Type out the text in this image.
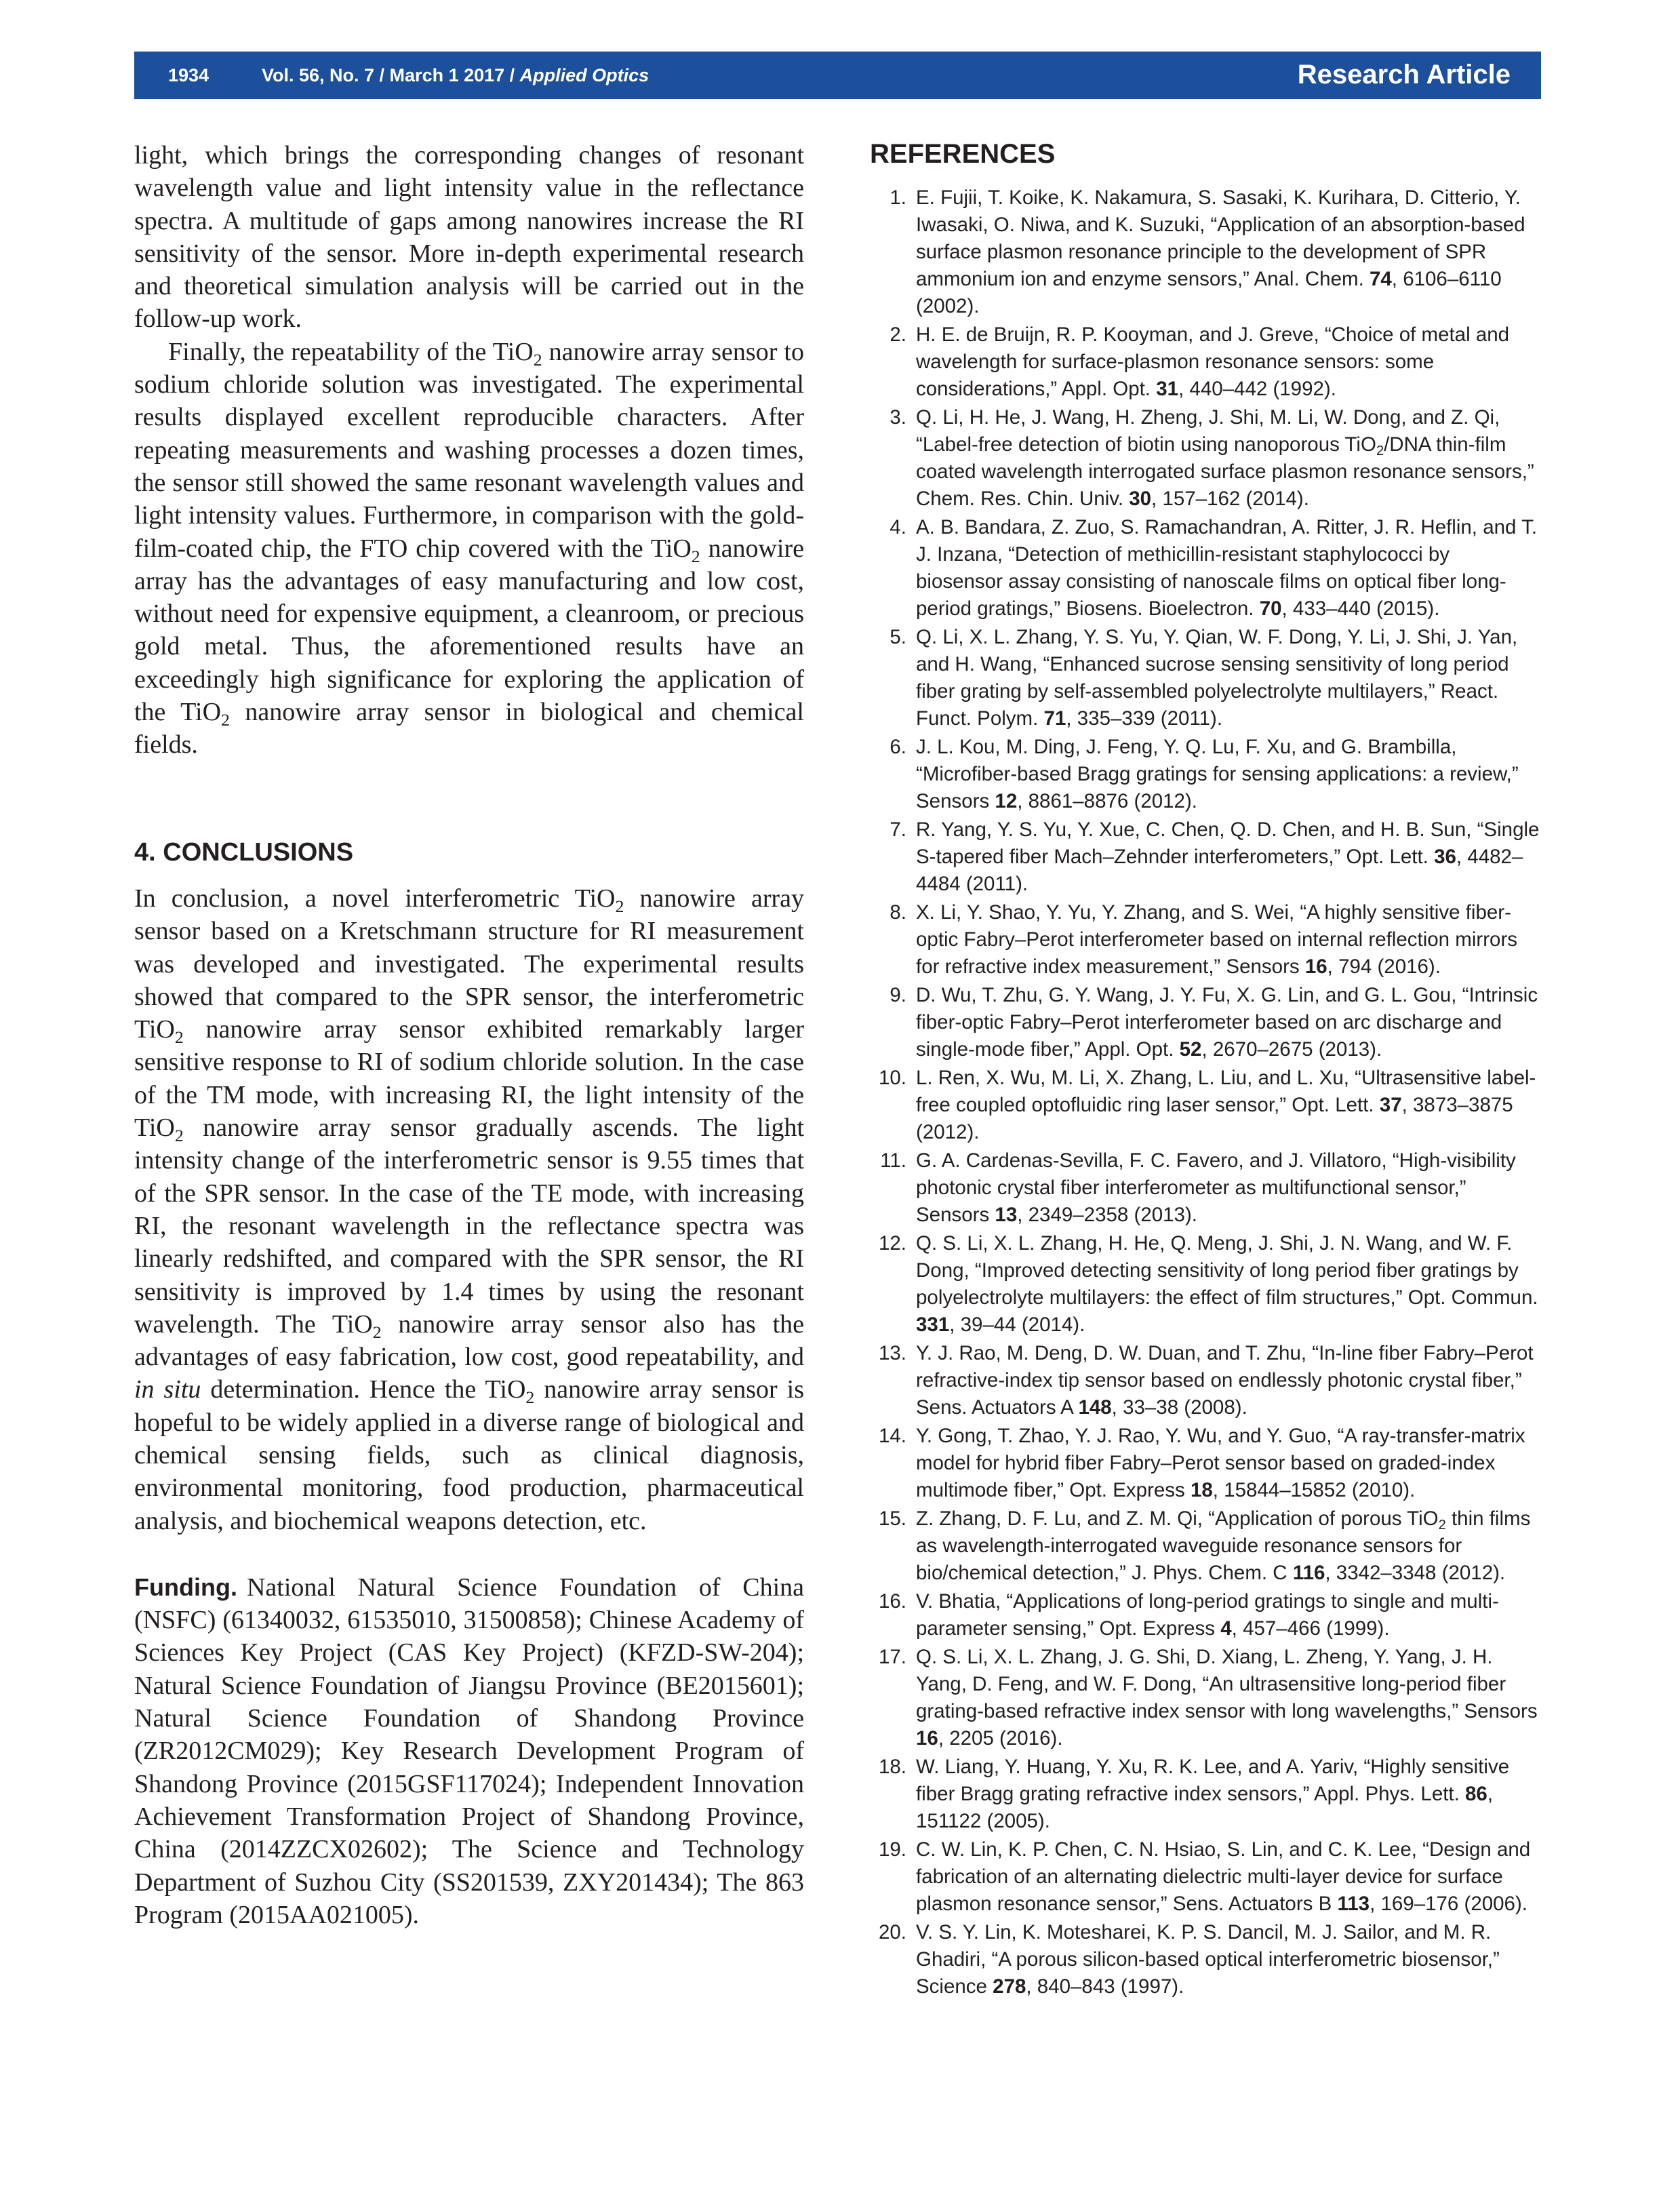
1934	Vol. 56, No. 7 / March 1 2017 / Applied Optics	Research Article

light, which brings the corresponding changes of resonant wavelength value and light intensity value in the reflectance spectra. A multitude of gaps among nanowires increase the RI sensitivity of the sensor. More in-depth experimental research and theoretical simulation analysis will be carried out in the follow-up work.

Finally, the repeatability of the TiO$_2$ nanowire array sensor to sodium chloride solution was investigated. The experimental results displayed excellent reproducible characters. After repeating measurements and washing processes a dozen times, the sensor still showed the same resonant wavelength values and light intensity values. Furthermore, in comparison with the gold-film-coated chip, the FTO chip covered with the TiO$_2$ nanowire array has the advantages of easy manufacturing and low cost, without need for expensive equipment, a cleanroom, or precious gold metal. Thus, the aforementioned results have an exceedingly high significance for exploring the application of the TiO$_2$ nanowire array sensor in biological and chemical fields.

4. CONCLUSIONS

In conclusion, a novel interferometric TiO$_2$ nanowire array sensor based on a Kretschmann structure for RI measurement was developed and investigated. The experimental results showed that compared to the SPR sensor, the interferometric TiO$_2$ nanowire array sensor exhibited remarkably larger sensitive response to RI of sodium chloride solution. In the case of the TM mode, with increasing RI, the light intensity of the TiO$_2$ nanowire array sensor gradually ascends. The light intensity change of the interferometric sensor is 9.55 times that of the SPR sensor. In the case of the TE mode, with increasing RI, the resonant wavelength in the reflectance spectra was linearly redshifted, and compared with the SPR sensor, the RI sensitivity is improved by 1.4 times by using the resonant wavelength. The TiO$_2$ nanowire array sensor also has the advantages of easy fabrication, low cost, good repeatability, and in situ determination. Hence the TiO$_2$ nanowire array sensor is hopeful to be widely applied in a diverse range of biological and chemical sensing fields, such as clinical diagnosis, environmental monitoring, food production, pharmaceutical analysis, and biochemical weapons detection, etc.

Funding. National Natural Science Foundation of China (NSFC) (61340032, 61535010, 31500858); Chinese Academy of Sciences Key Project (CAS Key Project) (KFZD-SW-204); Natural Science Foundation of Jiangsu Province (BE2015601); Natural Science Foundation of Shandong Province (ZR2012CM029); Key Research Development Program of Shandong Province (2015GSF117024); Independent Innovation Achievement Transformation Project of Shandong Province, China (2014ZZCX02602); The Science and Technology Department of Suzhou City (SS201539, ZXY201434); The 863 Program (2015AA021005).

REFERENCES
1. E. Fujii, T. Koike, K. Nakamura, S. Sasaki, K. Kurihara, D. Citterio, Y. Iwasaki, O. Niwa, and K. Suzuki, “Application of an absorption-based surface plasmon resonance principle to the development of SPR ammonium ion and enzyme sensors,” Anal. Chem. 74, 6106–6110 (2002).
2. H. E. de Bruijn, R. P. Kooyman, and J. Greve, “Choice of metal and wavelength for surface-plasmon resonance sensors: some considerations,” Appl. Opt. 31, 440–442 (1992).
3. Q. Li, H. He, J. Wang, H. Zheng, J. Shi, M. Li, W. Dong, and Z. Qi, “Label-free detection of biotin using nanoporous TiO$_2$/DNA thin-film coated wavelength interrogated surface plasmon resonance sensors,” Chem. Res. Chin. Univ. 30, 157–162 (2014).
4. A. B. Bandara, Z. Zuo, S. Ramachandran, A. Ritter, J. R. Heflin, and T. J. Inzana, “Detection of methicillin-resistant staphylococci by biosensor assay consisting of nanoscale films on optical fiber long-period gratings,” Biosens. Bioelectron. 70, 433–440 (2015).
5. Q. Li, X. L. Zhang, Y. S. Yu, Y. Qian, W. F. Dong, Y. Li, J. Shi, J. Yan, and H. Wang, “Enhanced sucrose sensing sensitivity of long period fiber grating by self-assembled polyelectrolyte multilayers,” React. Funct. Polym. 71, 335–339 (2011).
6. J. L. Kou, M. Ding, J. Feng, Y. Q. Lu, F. Xu, and G. Brambilla, “Microfiber-based Bragg gratings for sensing applications: a review,” Sensors 12, 8861–8876 (2012).
7. R. Yang, Y. S. Yu, Y. Xue, C. Chen, Q. D. Chen, and H. B. Sun, “Single S-tapered fiber Mach–Zehnder interferometers,” Opt. Lett. 36, 4482–4484 (2011).
8. X. Li, Y. Shao, Y. Yu, Y. Zhang, and S. Wei, “A highly sensitive fiber-optic Fabry–Perot interferometer based on internal reflection mirrors for refractive index measurement,” Sensors 16, 794 (2016).
9. D. Wu, T. Zhu, G. Y. Wang, J. Y. Fu, X. G. Lin, and G. L. Gou, “Intrinsic fiber-optic Fabry–Perot interferometer based on arc discharge and single-mode fiber,” Appl. Opt. 52, 2670–2675 (2013).
10. L. Ren, X. Wu, M. Li, X. Zhang, L. Liu, and L. Xu, “Ultrasensitive label-free coupled optofluidic ring laser sensor,” Opt. Lett. 37, 3873–3875 (2012).
11. G. A. Cardenas-Sevilla, F. C. Favero, and J. Villatoro, “High-visibility photonic crystal fiber interferometer as multifunctional sensor,” Sensors 13, 2349–2358 (2013).
12. Q. S. Li, X. L. Zhang, H. He, Q. Meng, J. Shi, J. N. Wang, and W. F. Dong, “Improved detecting sensitivity of long period fiber gratings by polyelectrolyte multilayers: the effect of film structures,” Opt. Commun. 331, 39–44 (2014).
13. Y. J. Rao, M. Deng, D. W. Duan, and T. Zhu, “In-line fiber Fabry–Perot refractive-index tip sensor based on endlessly photonic crystal fiber,” Sens. Actuators A 148, 33–38 (2008).
14. Y. Gong, T. Zhao, Y. J. Rao, Y. Wu, and Y. Guo, “A ray-transfer-matrix model for hybrid fiber Fabry–Perot sensor based on graded-index multimode fiber,” Opt. Express 18, 15844–15852 (2010).
15. Z. Zhang, D. F. Lu, and Z. M. Qi, “Application of porous TiO$_2$ thin films as wavelength-interrogated waveguide resonance sensors for bio/chemical detection,” J. Phys. Chem. C 116, 3342–3348 (2012).
16. V. Bhatia, “Applications of long-period gratings to single and multi-parameter sensing,” Opt. Express 4, 457–466 (1999).
17. Q. S. Li, X. L. Zhang, J. G. Shi, D. Xiang, L. Zheng, Y. Yang, J. H. Yang, D. Feng, and W. F. Dong, “An ultrasensitive long-period fiber grating-based refractive index sensor with long wavelengths,” Sensors 16, 2205 (2016).
18. W. Liang, Y. Huang, Y. Xu, R. K. Lee, and A. Yariv, “Highly sensitive fiber Bragg grating refractive index sensors,” Appl. Phys. Lett. 86, 151122 (2005).
19. C. W. Lin, K. P. Chen, C. N. Hsiao, S. Lin, and C. K. Lee, “Design and fabrication of an alternating dielectric multi-layer device for surface plasmon resonance sensor,” Sens. Actuators B 113, 169–176 (2006).
20. V. S. Y. Lin, K. Motesharei, K. P. S. Dancil, M. J. Sailor, and M. R. Ghadiri, “A porous silicon-based optical interferometric biosensor,” Science 278, 840–843 (1997).
